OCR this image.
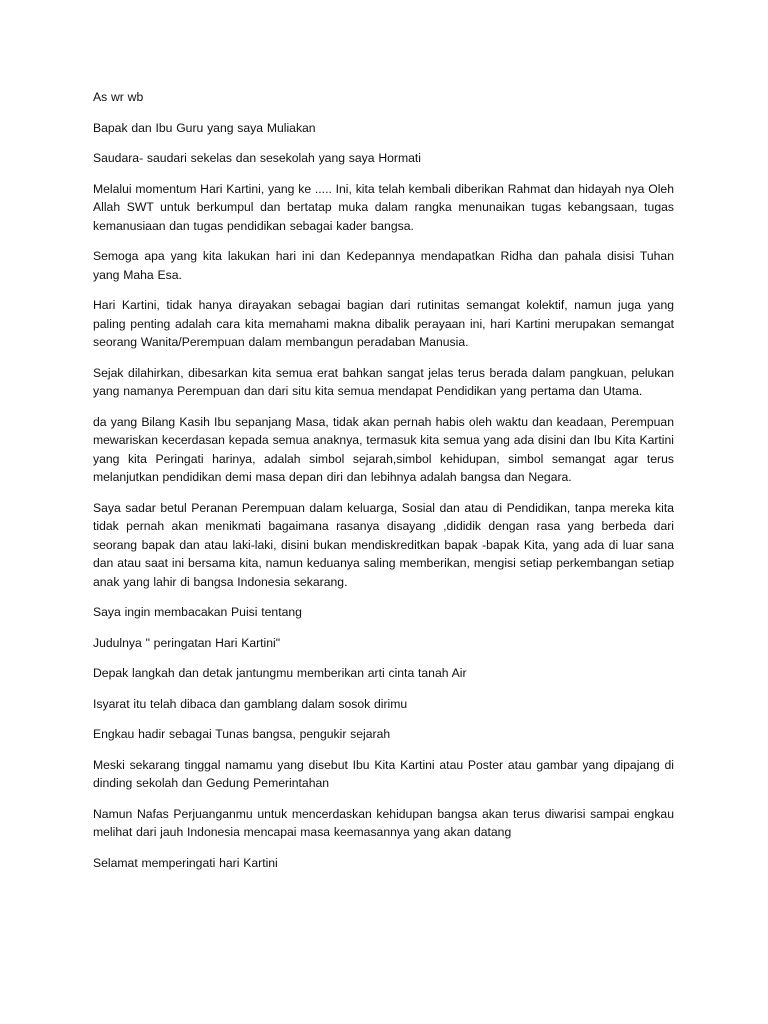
As wr wb

Bapak dan Ibu Guru yang saya Muliakan

Saudara- saudari sekelas dan sesekolah yang saya Hormati

Melalui momentum Hari Kartini, yang ke ..... Ini, kita telah kembali diberikan Rahmat dan hidayah nya Oleh Allah SWT untuk berkumpul dan bertatap muka dalam rangka menunaikan tugas kebangsaan, tugas kemanusiaan dan tugas pendidikan sebagai kader bangsa.

Semoga apa yang kita lakukan hari ini dan Kedepannya mendapatkan Ridha dan pahala disisi Tuhan yang Maha Esa.

Hari Kartini, tidak hanya dirayakan sebagai bagian dari rutinitas semangat kolektif, namun juga yang paling penting adalah cara kita memahami makna dibalik perayaan ini, hari Kartini merupakan semangat seorang Wanita/Perempuan dalam membangun peradaban Manusia.

Sejak dilahirkan, dibesarkan kita semua erat bahkan sangat jelas terus berada dalam pangkuan, pelukan yang namanya Perempuan dan dari situ kita semua mendapat Pendidikan yang pertama dan Utama.

da yang Bilang Kasih Ibu sepanjang Masa, tidak akan pernah habis oleh waktu dan keadaan, Perempuan mewariskan kecerdasan kepada semua anaknya, termasuk kita semua yang ada disini dan Ibu Kita Kartini yang kita Peringati harinya, adalah simbol sejarah,simbol kehidupan, simbol semangat agar terus melanjutkan pendidikan demi masa depan diri dan lebihnya adalah bangsa dan Negara.

Saya sadar betul Peranan Perempuan dalam keluarga, Sosial dan atau di Pendidikan, tanpa mereka kita tidak pernah akan menikmati bagaimana rasanya disayang ,dididik dengan rasa yang berbeda dari seorang bapak dan atau laki-laki, disini bukan mendiskreditkan bapak -bapak Kita, yang ada di luar sana dan atau saat ini bersama kita, namun keduanya saling memberikan, mengisi setiap perkembangan setiap anak yang lahir di bangsa Indonesia sekarang.

Saya ingin membacakan Puisi tentang

Judulnya " peringatan Hari Kartini"

Depak langkah dan detak jantungmu memberikan arti cinta tanah Air

Isyarat itu telah dibaca dan gamblang dalam sosok dirimu

Engkau hadir sebagai Tunas bangsa, pengukir sejarah

Meski sekarang tinggal namamu yang disebut Ibu Kita Kartini atau Poster atau gambar yang dipajang di dinding sekolah dan Gedung Pemerintahan

Namun Nafas Perjuanganmu untuk mencerdaskan kehidupan bangsa akan terus diwarisi sampai engkau melihat dari jauh Indonesia mencapai masa keemasannya yang akan datang

Selamat memperingati hari Kartini
